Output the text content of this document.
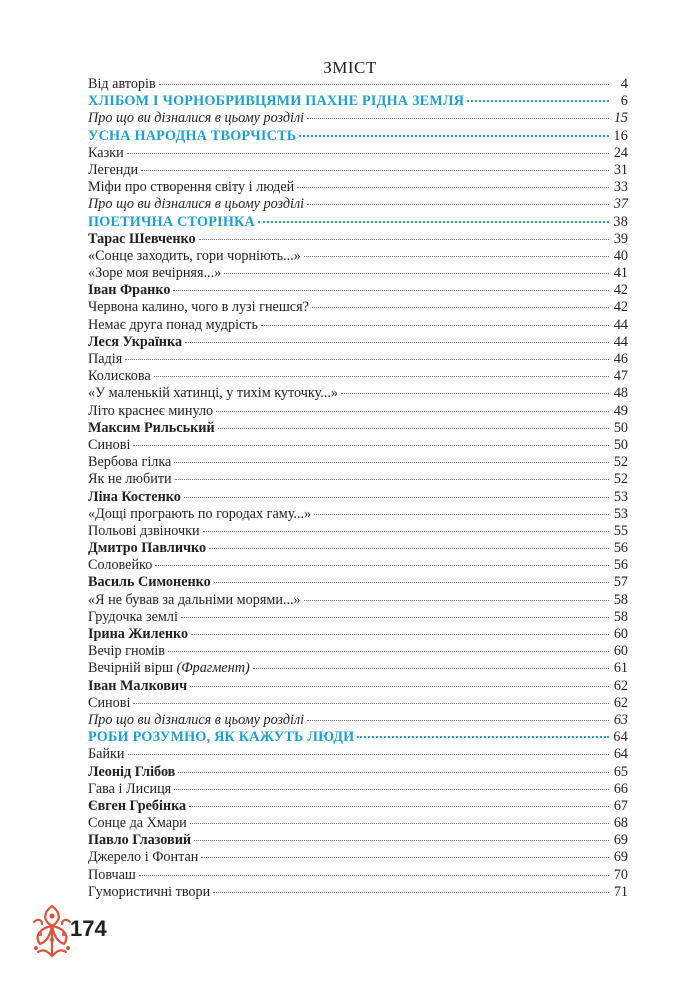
ЗМІСТ
Від авторів	4
ХЛІБОМ І ЧОРНОБРИВЦЯМИ ПАХНЕ РІДНА ЗЕМЛЯ	6
Про що ви дізналися в цьому розділі	15
УСНА НАРОДНА ТВОРЧІСТЬ	16
Казки	24
Легенди	31
Міфи про створення світу і людей	33
Про що ви дізналися в цьому розділі	37
ПОЕТИЧНА СТОРІНКА	38
Тарас Шевченко	39
«Сонце заходить, гори чорніють...»	40
«Зоре моя вечірняя...»	41
Іван Франко	42
Червона калино, чого в лузі гнешся?	42
Немає друга понад мудрість	44
Леся Українка	44
Падія	46
Колискова	47
«У маленькій хатинці, у тихім куточку...»	48
Літо краснеє минуло	49
Максим Рильський	50
Синові	50
Вербова гілка	52
Як не любити	52
Ліна Костенко	53
«Дощі програють по городах гаму...»	53
Польові дзвіночки	55
Дмитро Павличко	56
Соловейко	56
Василь Симоненко	57
«Я не бував за дальніми морями...»	58
Грудочка землі	58
Ірина Жиленко	60
Вечір гномів	60
Вечірній вірш (Фрагмент)	61
Іван Малкович	62
Синові	62
Про що ви дізналися в цьому розділі	63
РОБИ РОЗУМНО, ЯК КАЖУТЬ ЛЮДИ	64
Байки	64
Леонід Глібов	65
Гава і Лисиця	66
Євген Гребінка	67
Сонце да Хмари	68
Павло Глазовий	69
Джерело і Фонтан	69
Повчаш	70
Гумористичні твори	71
174
